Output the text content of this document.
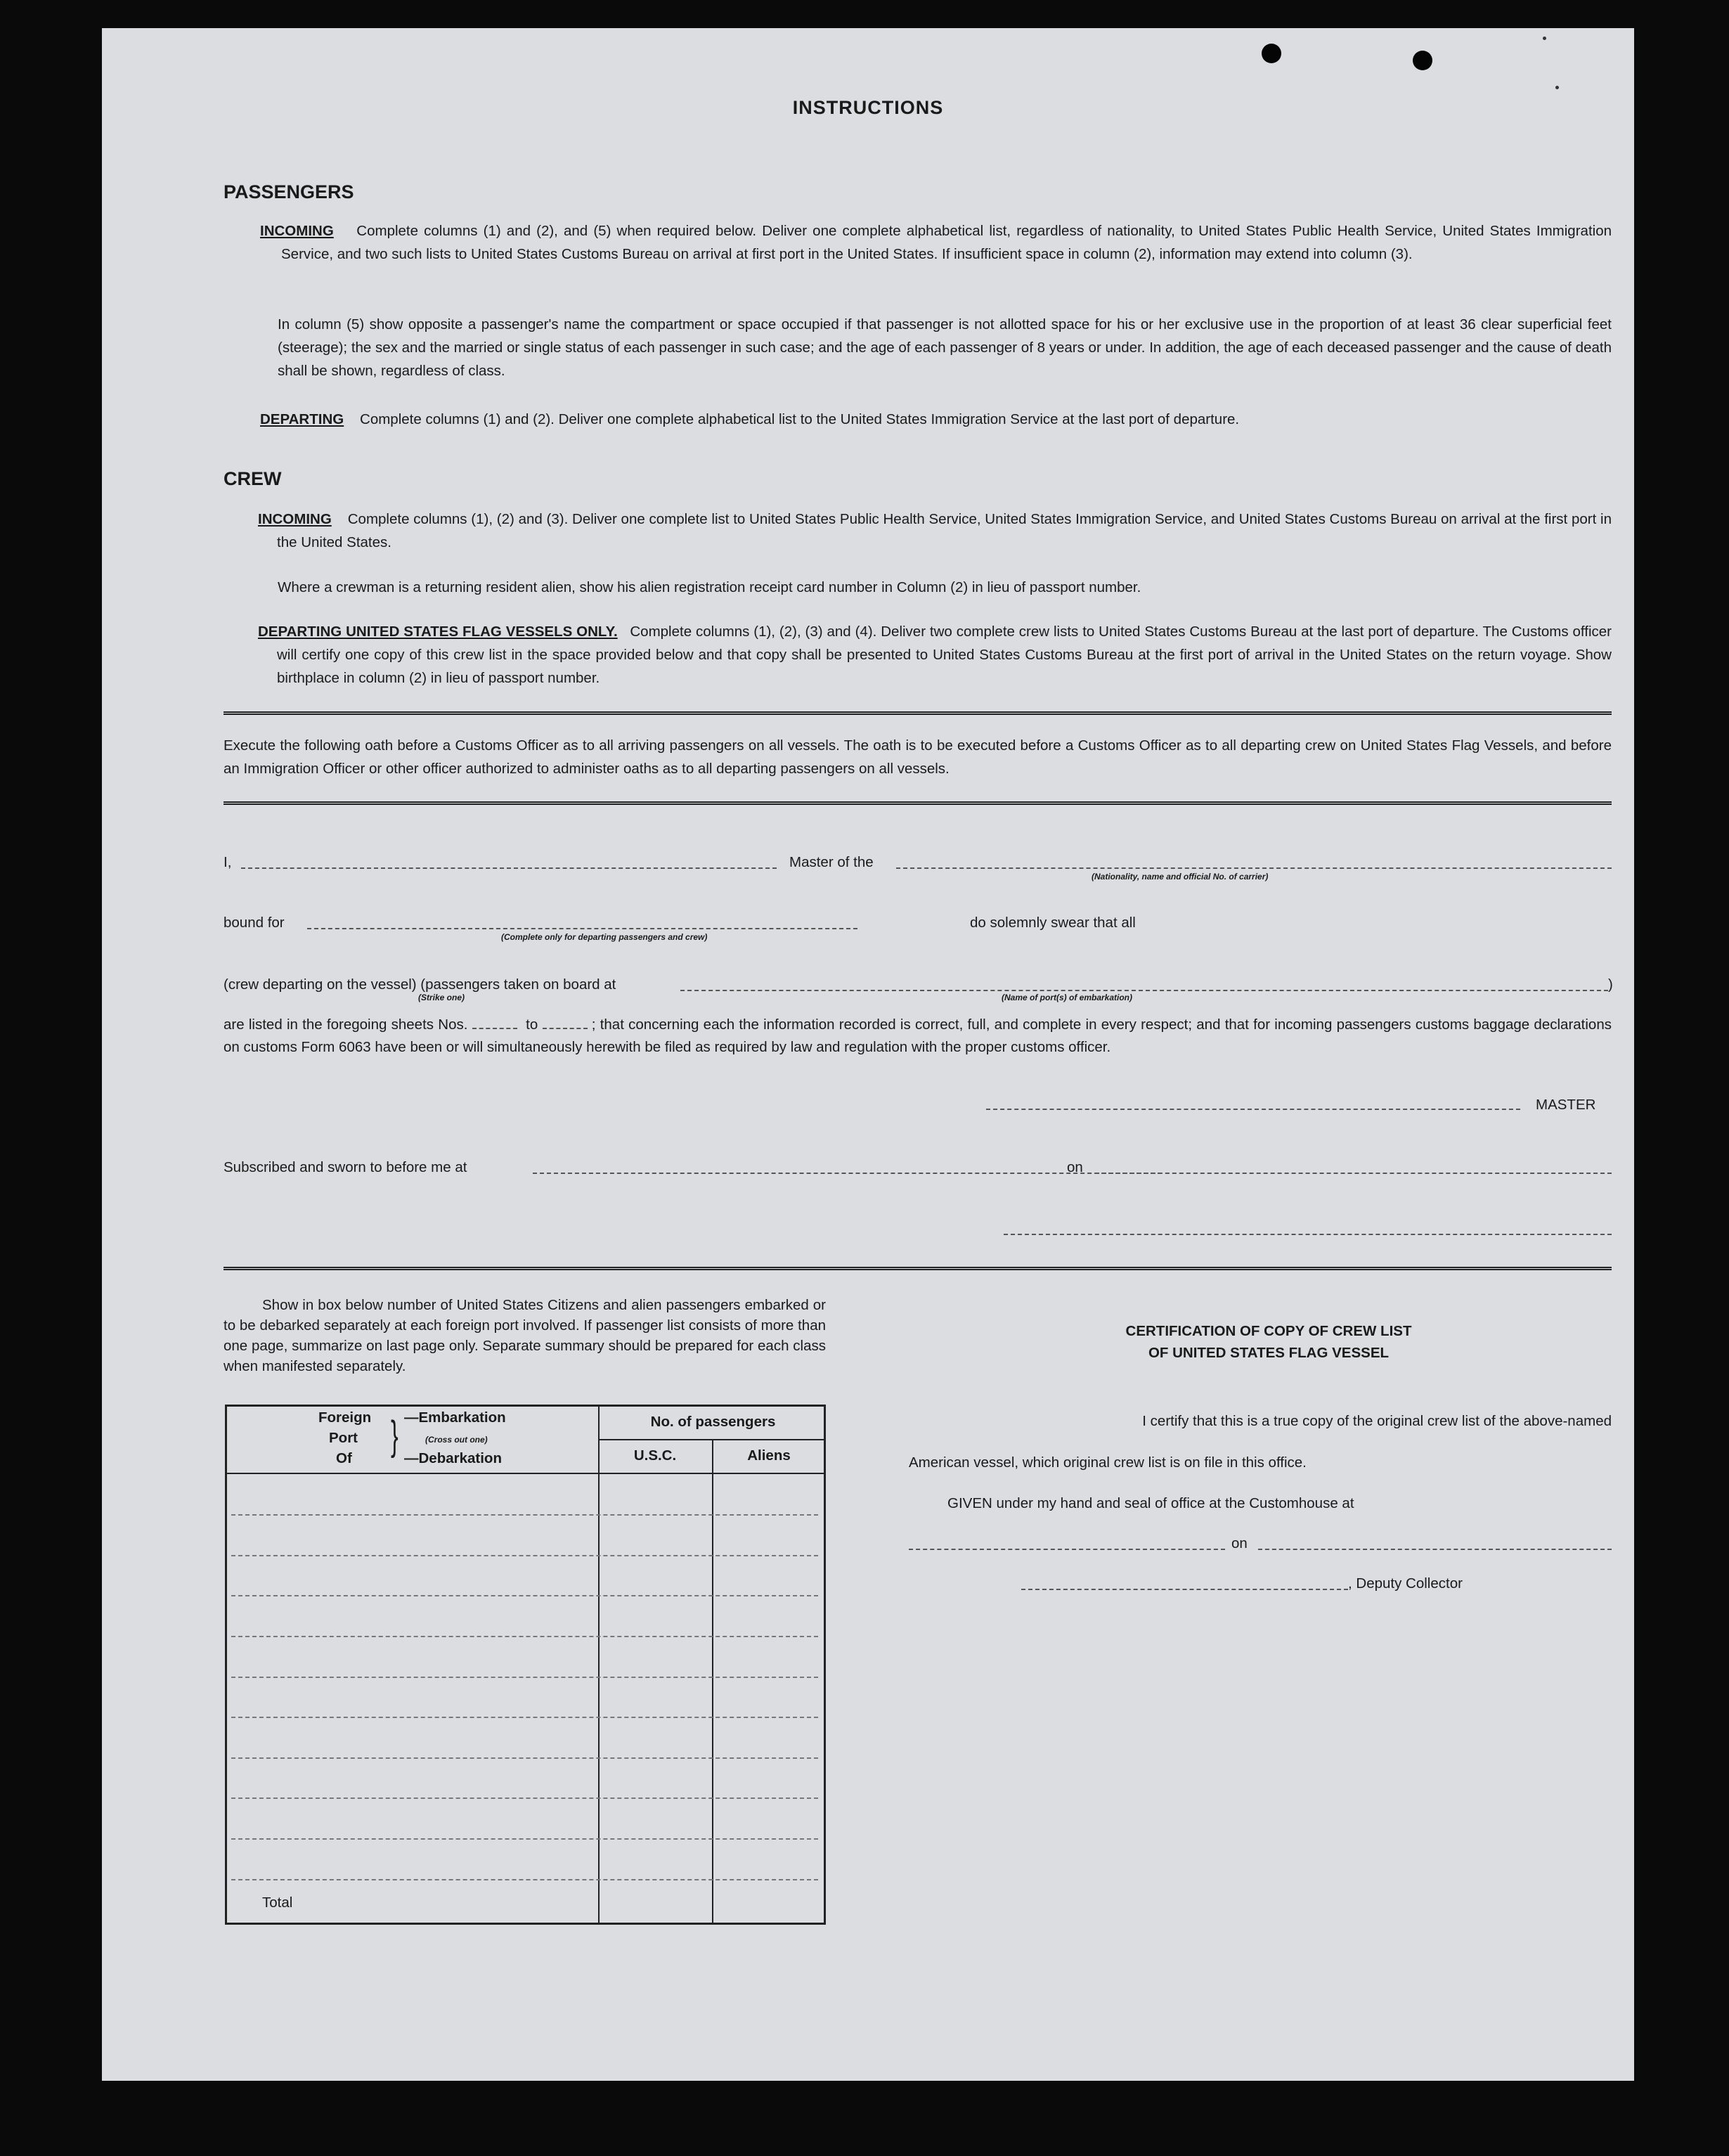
INSTRUCTIONS
PASSENGERS
INCOMING Complete columns (1) and (2), and (5) when required below. Deliver one complete alphabetical list, regardless of nationality, to United States Public Health Service, United States Immigration Service, and two such lists to United States Customs Bureau on arrival at first port in the United States. If insufficient space in column (2), information may extend into column (3).
In column (5) show opposite a passenger's name the compartment or space occupied if that passenger is not allotted space for his or her exclusive use in the proportion of at least 36 clear superficial feet (steerage); the sex and the married or single status of each passenger in such case; and the age of each passenger of 8 years or under. In addition, the age of each deceased passenger and the cause of death shall be shown, regardless of class.
DEPARTING Complete columns (1) and (2). Deliver one complete alphabetical list to the United States Immigration Service at the last port of departure.
CREW
INCOMING Complete columns (1), (2) and (3). Deliver one complete list to United States Public Health Service, United States Immigration Service, and United States Customs Bureau on arrival at the first port in the United States.
Where a crewman is a returning resident alien, show his alien registration receipt card number in Column (2) in lieu of passport number.
DEPARTING UNITED STATES FLAG VESSELS ONLY. Complete columns (1), (2), (3) and (4). Deliver two complete crew lists to United States Customs Bureau at the last port of departure. The Customs officer will certify one copy of this crew list in the space provided below and that copy shall be presented to United States Customs Bureau at the first port of arrival in the United States on the return voyage. Show birthplace in column (2) in lieu of passport number.
Execute the following oath before a Customs Officer as to all arriving passengers on all vessels. The oath is to be executed before a Customs Officer as to all departing crew on United States Flag Vessels, and before an Immigration Officer or other officer authorized to administer oaths as to all departing passengers on all vessels.
I,	Master of the
(Nationality, name and official No. of carrier)
bound for
(Complete only for departing passengers and crew)
do solemnly swear that all
(crew departing on the vessel) (passengers taken on board at	)
(Strike one)	(Name of port(s) of embarkation)
are listed in the foregoing sheets Nos.	to	; that concerning each the information recorded is correct, full, and complete in every respect; and that for incoming passengers customs baggage declarations on customs Form 6063 have been or will simultaneously herewith be filed as required by law and regulation with the proper customs officer.
MASTER
Subscribed and sworn to before me at	on
Show in box below number of United States Citizens and alien passengers embarked or to be debarked separately at each foreign port involved. If passenger list consists of more than one page, summarize on last page only. Separate summary should be prepared for each class when manifested separately.
Foreign
Port
Of } —Embarkation
(Cross out one)
—Debarkation
No. of passengers
U.S.C.	Aliens
Total
CERTIFICATION OF COPY OF CREW LIST
OF UNITED STATES FLAG VESSEL
I certify that this is a true copy of the original crew list of the above-named
American vessel, which original crew list is on file in this office.
GIVEN under my hand and seal of office at the Customhouse at
on
, Deputy Collector
